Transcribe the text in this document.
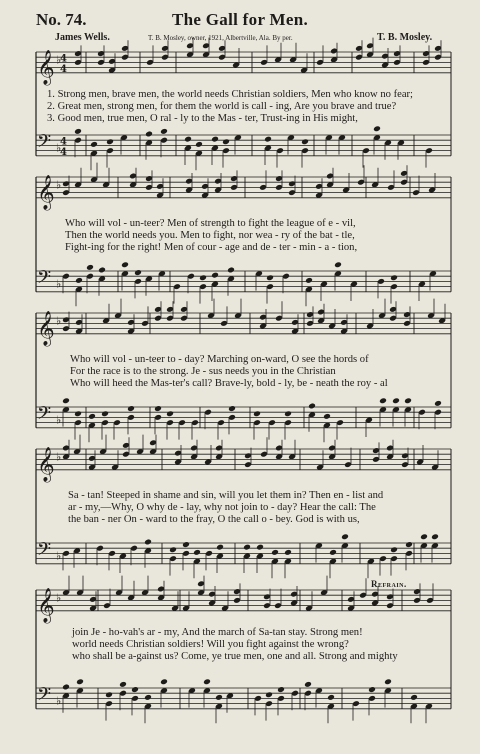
𝄞 ♭
𝄢 ♭
4
4
4
4
𝄞 ♭
𝄢 ♭
𝄞 ♭
𝄢 ♭
𝄞 ♭
𝄢 ♭
𝄞 ♭
𝄢 ♭
No. 74.	The Gall for Men.
James Wells.	T. B. Mosley, owner, 1921, Albertville, Ala. By per.	T. B. Mosley.
Refrain.
1. Strong men, brave men, the world needs Christian soldiers, Men who know no fear;
2. Great men, strong men, for them the world is call - ing, Are you brave and true?
3. Good men, true men, O ral - ly to the Mas - ter, Trust-ing in His might,
Who will vol - un-teer? Men of strength to fight the league of e - vil,
Then the world needs you. Men to fight, nor wea - ry of the bat - tle,
Fight-ing for the right! Men of cour - age and de - ter - min - a - tion,
Who will vol - un-teer to - day? Marching on-ward, O see the hords of
For the race is to the strong. Je - sus needs you in the Christian
Who will heed the Mas-ter's call? Brave-ly, bold - ly, be - neath the roy - al
Sa - tan! Steeped in shame and sin, will you let them in? Then en - list and
ar - my,—Why, O why de - lay, why not join to - day? Hear the call: The
the ban - ner On - ward to the fray, O the call o - bey. God is with us,
join Je - ho-vah's ar - my, And the march of Sa-tan stay. Strong men!
world needs Christian soldiers! Will you fight against the wrong?
who shall be a-gainst us? Come, ye true men, one and all. Strong and mighty
